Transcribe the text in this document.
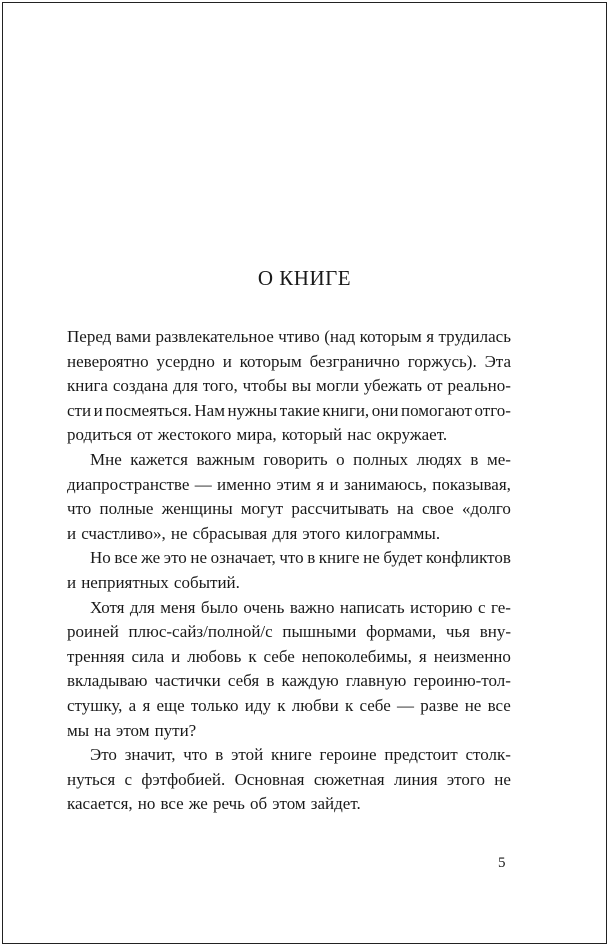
О КНИГЕ
Перед вами развлекательное чтиво (над которым я трудилась
невероятно усердно и которым безгранично горжусь). Эта
книга создана для того, чтобы вы могли убежать от реально-
сти и посмеяться. Нам нужны такие книги, они помогают отго-
родиться от жестокого мира, который нас окружает.
Мне кажется важным говорить о полных людях в ме-
диапространстве — именно этим я и занимаюсь, показывая,
что полные женщины могут рассчитывать на свое «долго
и счастливо», не сбрасывая для этого килограммы.
Но все же это не означает, что в книге не будет конфликтов
и неприятных событий.
Хотя для меня было очень важно написать историю с ге-
роиней плюс-сайз/полной/с пышными формами, чья вну-
тренняя сила и любовь к себе непоколебимы, я неизменно
вкладываю частички себя в каждую главную героиню-тол-
стушку, а я еще только иду к любви к себе — разве не все
мы на этом пути?
Это значит, что в этой книге героине предстоит столк-
нуться с фэтфобией. Основная сюжетная линия этого не
касается, но все же речь об этом зайдет.
5
